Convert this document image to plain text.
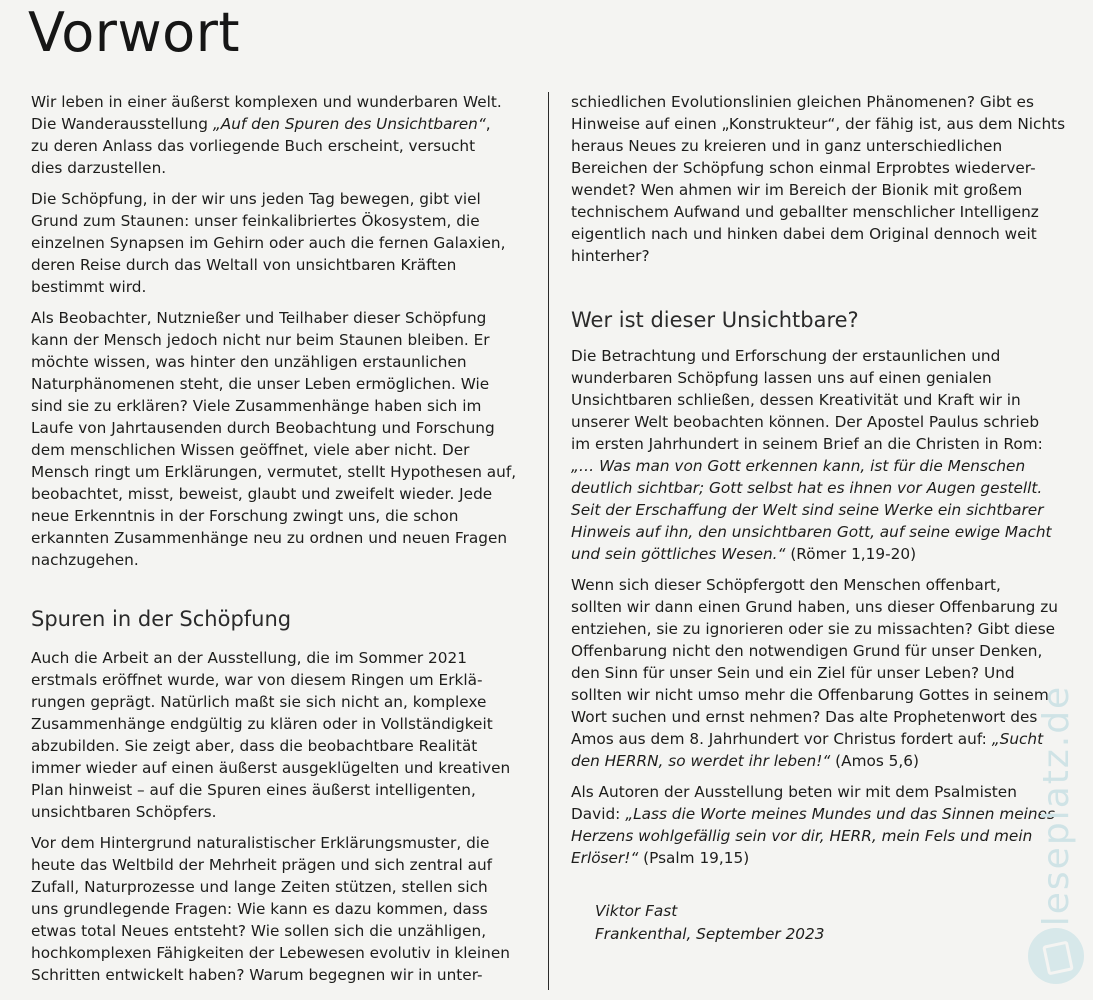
Vorwort

Wir leben in einer äußerst komplexen und wunderbaren Welt.

Die Wanderausstellung „Auf den Spuren des Unsichtbaren“,

zu deren Anlass das vorliegende Buch erscheint, versucht

dies darzustellen.

Die Schöpfung, in der wir uns jeden Tag bewegen, gibt viel

Grund zum Staunen: unser feinkalibriertes Ökosystem, die

einzelnen Synapsen im Gehirn oder auch die fernen Galaxien,

deren Reise durch das Weltall von unsichtbaren Kräften

bestimmt wird.

Als Beobachter, Nutznießer und Teilhaber dieser Schöpfung

kann der Mensch jedoch nicht nur beim Staunen bleiben. Er

möchte wissen, was hinter den unzähligen erstaunlichen

Naturphänomenen steht, die unser Leben ermöglichen. Wie

sind sie zu erklären? Viele Zusammenhänge haben sich im

Laufe von Jahrtausenden durch Beobachtung und Forschung

dem menschlichen Wissen geöffnet, viele aber nicht. Der

Mensch ringt um Erklärungen, vermutet, stellt Hypothesen auf,

beobachtet, misst, beweist, glaubt und zweifelt wieder. Jede

neue Erkenntnis in der Forschung zwingt uns, die schon

erkannten Zusammenhänge neu zu ordnen und neuen Fragen

nachzugehen.

Spuren in der Schöpfung

Auch die Arbeit an der Ausstellung, die im Sommer 2021

erstmals eröffnet wurde, war von diesem Ringen um Erklä-

rungen geprägt. Natürlich maßt sie sich nicht an, komplexe

Zusammenhänge endgültig zu klären oder in Vollständigkeit

abzubilden. Sie zeigt aber, dass die beobachtbare Realität

immer wieder auf einen äußerst ausgeklügelten und kreativen

Plan hinweist – auf die Spuren eines äußerst intelligenten,

unsichtbaren Schöpfers.

Vor dem Hintergrund naturalistischer Erklärungsmuster, die

heute das Weltbild der Mehrheit prägen und sich zentral auf

Zufall, Naturprozesse und lange Zeiten stützen, stellen sich

uns grundlegende Fragen: Wie kann es dazu kommen, dass

etwas total Neues entsteht? Wie sollen sich die unzähligen,

hochkomplexen Fähigkeiten der Lebewesen evolutiv in kleinen

Schritten entwickelt haben? Warum begegnen wir in unter-

schiedlichen Evolutionslinien gleichen Phänomenen? Gibt es

Hinweise auf einen „Konstrukteur“, der fähig ist, aus dem Nichts

heraus Neues zu kreieren und in ganz unterschiedlichen

Bereichen der Schöpfung schon einmal Erprobtes wiederver-

wendet? Wen ahmen wir im Bereich der Bionik mit großem

technischem Aufwand und geballter menschlicher Intelligenz

eigentlich nach und hinken dabei dem Original dennoch weit

hinterher?

Wer ist dieser Unsichtbare?

Die Betrachtung und Erforschung der erstaunlichen und

wunderbaren Schöpfung lassen uns auf einen genialen

Unsichtbaren schließen, dessen Kreativität und Kraft wir in

unserer Welt beobachten können. Der Apostel Paulus schrieb

im ersten Jahrhundert in seinem Brief an die Christen in Rom:

„… Was man von Gott erkennen kann, ist für die Menschen

deutlich sichtbar; Gott selbst hat es ihnen vor Augen gestellt.

Seit der Erschaffung der Welt sind seine Werke ein sichtbarer

Hinweis auf ihn, den unsichtbaren Gott, auf seine ewige Macht

und sein göttliches Wesen.“ (Römer 1,19-20)

Wenn sich dieser Schöpfergott den Menschen offenbart,

sollten wir dann einen Grund haben, uns dieser Offenbarung zu

entziehen, sie zu ignorieren oder sie zu missachten? Gibt diese

Offenbarung nicht den notwendigen Grund für unser Denken,

den Sinn für unser Sein und ein Ziel für unser Leben? Und

sollten wir nicht umso mehr die Offenbarung Gottes in seinem

Wort suchen und ernst nehmen? Das alte Prophetenwort des

Amos aus dem 8. Jahrhundert vor Christus fordert auf: „Sucht

den HERRN, so werdet ihr leben!“ (Amos 5,6)

Als Autoren der Ausstellung beten wir mit dem Psalmisten

David: „Lass die Worte meines Mundes und das Sinnen meines

Herzens wohlgefällig sein vor dir, HERR, mein Fels und mein

Erlöser!“ (Psalm 19,15)

Viktor Fast
Frankenthal, September 2023
leseplatz.de
